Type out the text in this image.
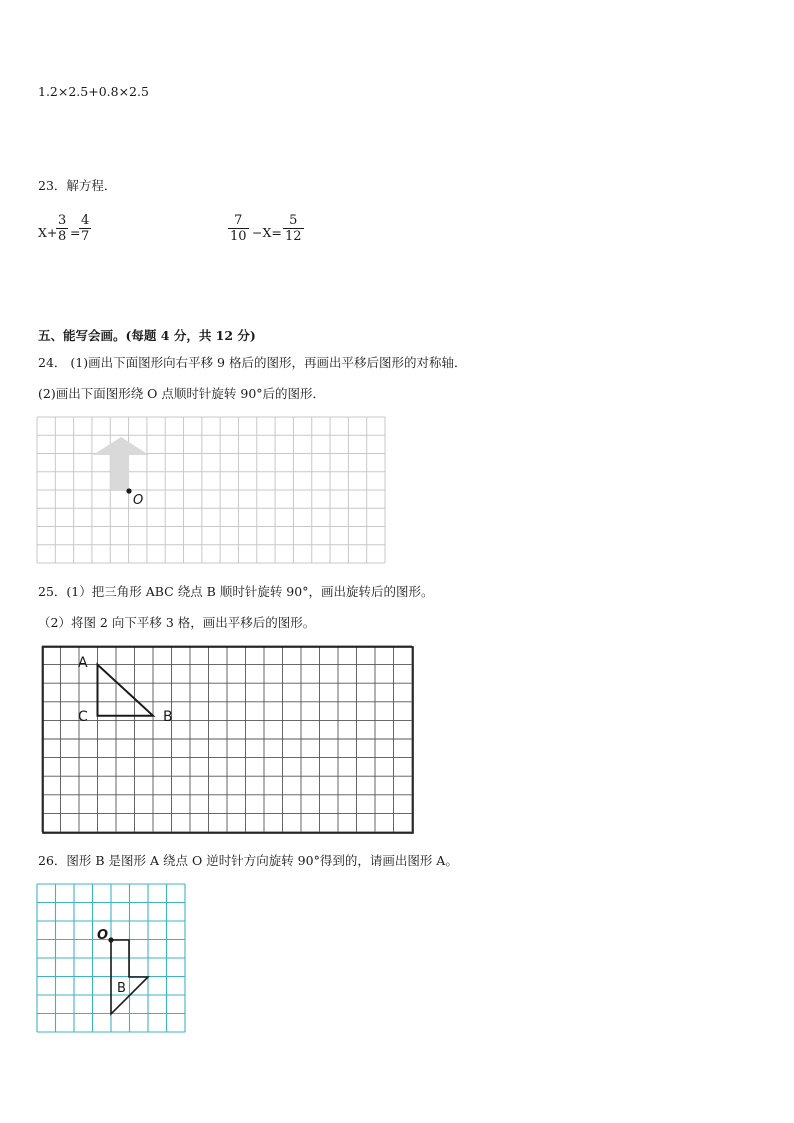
1.2×2.5+0.8×2.5
23．解方程．
X+
$\frac{3}{8}$ =
$\frac{4}{7}$	$\frac{7}{10} -X= \frac{5}{12}$
五、能写会画。(每题 4 分，共 12 分)
24． (1)画出下面图形向右平移 9 格后的图形，再画出平移后图形的对称轴．
(2)画出下面图形绕 O 点顺时针旋转 90°后的图形．
O
25．(1）把三角形 ABC 绕点 B 顺时针旋转 90°，画出旋转后的图形。
（2）将图 2 向下平移 3 格，画出平移后的图形。
A
C	B
26．图形 B 是图形 A 绕点 O 逆时针方向旋转 90°得到的，请画出图形 A。
O
B
